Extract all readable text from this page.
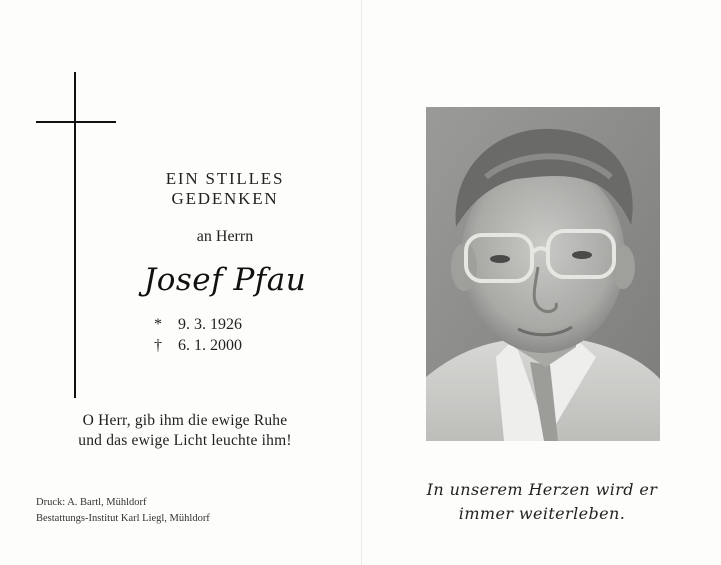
EIN STILLES
GEDENKEN
an Herrn
Josef Pfau
*	9. 3. 1926
†	6. 1. 2000
O Herr, gib ihm die ewige Ruhe
und das ewige Licht leuchte ihm!
Druck: A. Bartl, Mühldorf
Bestattungs-Institut Karl Liegl, Mühldorf
In unserem Herzen wird er
immer weiterleben.
